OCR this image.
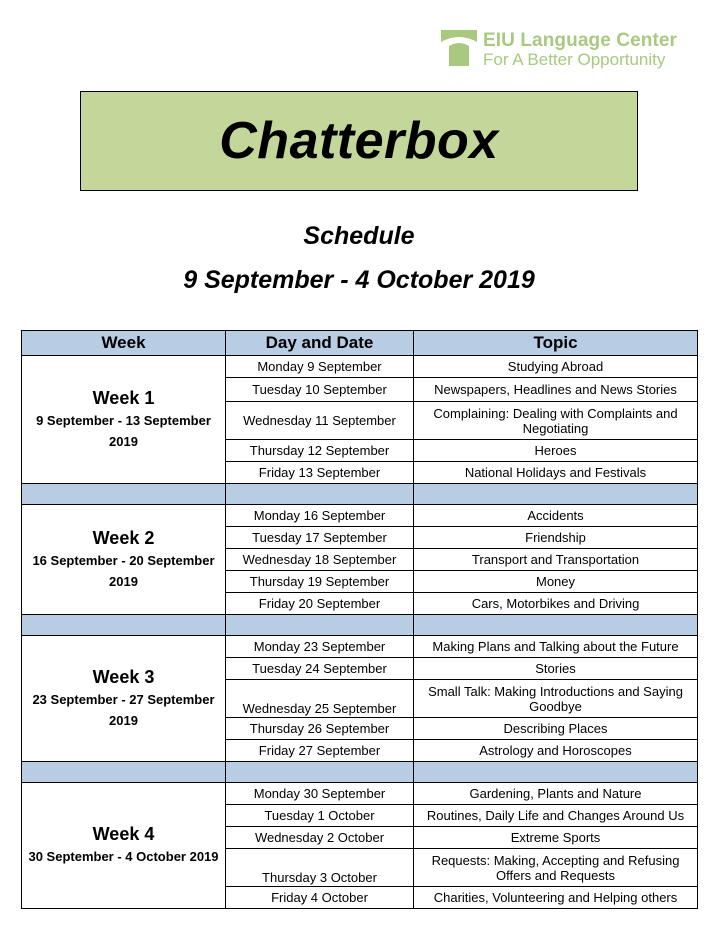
EIU Language Center
For A Better Opportunity
Chatterbox
Schedule
9 September - 4 October 2019
Week	Day and Date	Topic

Week 1
9 September - 13 September 2019	Monday 9 September	Studying Abroad
	Tuesday 10 September	Newspapers, Headlines and News Stories
	Wednesday 11 September	Complaining: Dealing with Complaints and Negotiating
	Thursday 12 September	Heroes
	Friday 13 September	National Holidays and Festivals

Week 2
16 September - 20 September 2019	Monday 16 September	Accidents
	Tuesday 17 September	Friendship
	Wednesday 18 September	Transport and Transportation
	Thursday 19 September	Money
	Friday 20 September	Cars, Motorbikes and Driving

Week 3
23 September - 27 September 2019	Monday 23 September	Making Plans and Talking about the Future
	Tuesday 24 September	Stories
	Wednesday 25 September	Small Talk: Making Introductions and Saying Goodbye
	Thursday 26 September	Describing Places
	Friday 27 September	Astrology and Horoscopes

Week 4
30 September - 4 October 2019	Monday 30 September	Gardening, Plants and Nature
	Tuesday 1 October	Routines, Daily Life and Changes Around Us
	Wednesday 2 October	Extreme Sports
	Thursday 3 October	Requests: Making, Accepting and Refusing Offers and Requests
	Friday 4 October	Charities, Volunteering and Helping others
